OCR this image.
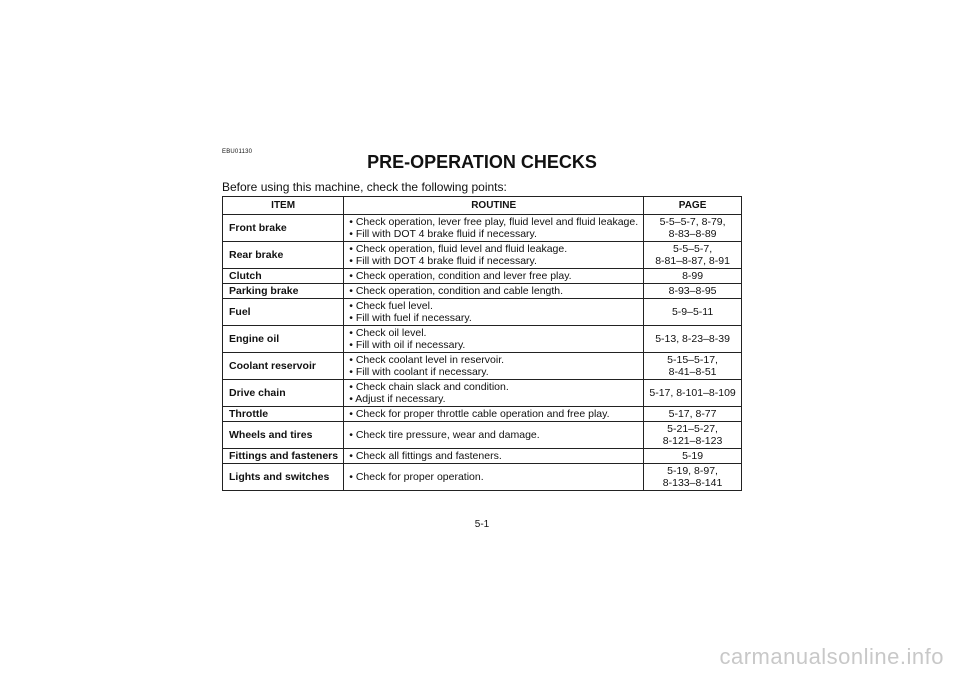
EBU01130	PRE-OPERATION CHECKS
Before using this machine, check the following points:
ITEM	ROUTINE	PAGE
Front brake	• Check operation, lever free play, fluid level and fluid leakage.
• Fill with DOT 4 brake fluid if necessary.	5-5–5-7, 8-79,
8-83–8-89

Rear brake	• Check operation, fluid level and fluid leakage.
• Fill with DOT 4 brake fluid if necessary.	5-5–5-7,
8-81–8-87, 8-91

Clutch	• Check operation, condition and lever free play.	8-99

Parking brake	• Check operation, condition and cable length.	8-93–8-95

Fuel	• Check fuel level.
• Fill with fuel if necessary.	5-9–5-11

Engine oil	• Check oil level.
• Fill with oil if necessary.	5-13, 8-23–8-39

Coolant reservoir	• Check coolant level in reservoir.
• Fill with coolant if necessary.	5-15–5-17,
8-41–8-51

Drive chain	• Check chain slack and condition.
• Adjust if necessary.	5-17, 8-101–8-109

Throttle	• Check for proper throttle cable operation and free play.	5-17, 8-77

Wheels and tires	• Check tire pressure, wear and damage.	5-21–5-27,
8-121–8-123

Fittings and fasteners	• Check all fittings and fasteners.	5-19

Lights and switches	• Check for proper operation.	5-19, 8-97,
8-133–8-141
5-1
carmanualsonline.info
